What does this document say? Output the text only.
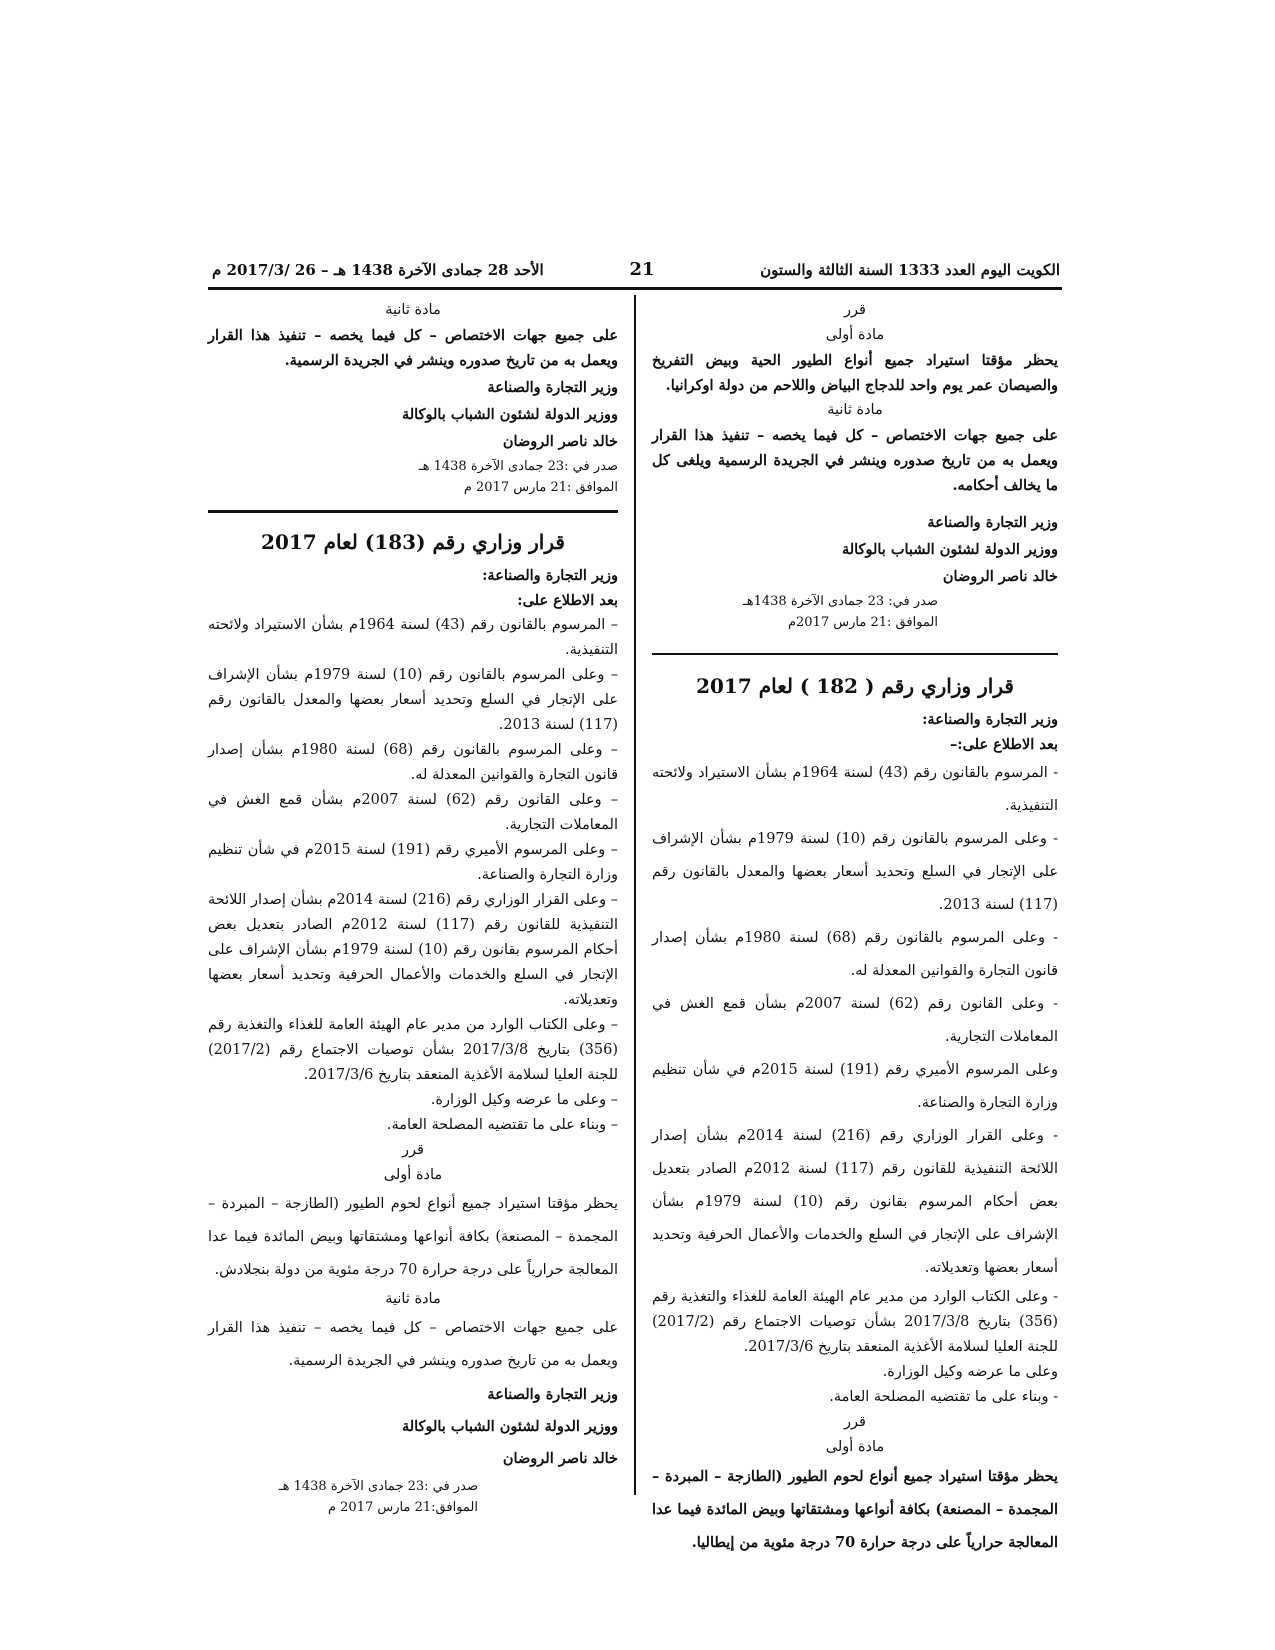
الكويت اليوم العدد 1333 السنة الثالثة والستون
21
الأحد 28 جمادى الآخرة 1438 هـ – 26 /2017/3 م

قرر

مادة أولى

يحظر مؤقتا استيراد جميع أنواع الطيور الحية وبيض التفريخ والصيصان عمر يوم واحد للدجاج البياض واللاحم من دولة اوكرانيا.

مادة ثانية

على جميع جهات الاختصاص – كل فيما يخصه – تنفيذ هذا القرار ويعمل به من تاريخ صدوره وينشر في الجريدة الرسمية ويلغى كل ما يخالف أحكامه.

وزير التجارة والصناعة

ووزير الدولة لشئون الشباب بالوكالة

خالد ناصر الروضان

صدر في: 23 جمادى الآخرة 1438هـ

الموافق :21 مارس 2017م

قرار وزاري رقم ( 182 ) لعام 2017

وزير التجارة والصناعة:

بعد الاطلاع على:–

- المرسوم بالقانون رقم (43) لسنة 1964م بشأن الاستيراد ولائحته التنفيذية.

- وعلى المرسوم بالقانون رقم (10) لسنة 1979م بشأن الإشراف على الإتجار في السلع وتحديد أسعار بعضها والمعدل بالقانون رقم (117) لسنة 2013.

- وعلى المرسوم بالقانون رقم (68) لسنة 1980م بشأن إصدار قانون التجارة والقوانين المعدلة له.

- وعلى القانون رقم (62) لسنة 2007م بشأن قمع الغش في المعاملات التجارية.

وعلى المرسوم الأميري رقم (191) لسنة 2015م في شأن تنظيم وزارة التجارة والصناعة.

- وعلى القرار الوزاري رقم (216) لسنة 2014م بشأن إصدار اللائحة التنفيذية للقانون رقم (117) لسنة 2012م الصادر بتعديل بعض أحكام المرسوم بقانون رقم (10) لسنة 1979م بشأن الإشراف على الإتجار في السلع والخدمات والأعمال الحرفية وتحديد أسعار بعضها وتعديلاته.

- وعلى الكتاب الوارد من مدير عام الهيئة العامة للغذاء والتغذية رقم (356) بتاريخ 2017/3/8 بشأن توصيات الاجتماع رقم (2017/2) للجنة العليا لسلامة الأغذية المنعقد بتاريخ 2017/3/6.

وعلى ما عرضه وكيل الوزارة.

- وبناء على ما تقتضيه المصلحة العامة.

قرر

مادة أولى

يحظر مؤقتا استيراد جميع أنواع لحوم الطيور (الطازجة – المبردة – المجمدة – المصنعة) بكافة أنواعها ومشتقاتها وبيض المائدة فيما عدا المعالجة حرارياً على درجة حرارة 70 درجة مئوية من إيطاليا.

مادة ثانية

على جميع جهات الاختصاص – كل فيما يخصه – تنفيذ هذا القرار ويعمل به من تاريخ صدوره وينشر في الجريدة الرسمية.

وزير التجارة والصناعة

ووزير الدولة لشئون الشباب بالوكالة

خالد ناصر الروضان

صدر في :23 جمادى الآخرة 1438 هـ

الموافق :21 مارس 2017 م

قرار وزاري رقم (183) لعام 2017

وزير التجارة والصناعة:

بعد الاطلاع على:

– المرسوم بالقانون رقم (43) لسنة 1964م بشأن الاستيراد ولائحته التنفيذية.

– وعلى المرسوم بالقانون رقم (10) لسنة 1979م بشأن الإشراف على الإتجار في السلع وتحديد أسعار بعضها والمعدل بالقانون رقم (117) لسنة 2013.

– وعلى المرسوم بالقانون رقم (68) لسنة 1980م بشأن إصدار قانون التجارة والقوانين المعدلة له.

– وعلى القانون رقم (62) لسنة 2007م بشأن قمع الغش في المعاملات التجارية.

– وعلى المرسوم الأميري رقم (191) لسنة 2015م في شأن تنظيم وزارة التجارة والصناعة.

– وعلى القرار الوزاري رقم (216) لسنة 2014م بشأن إصدار اللائحة التنفيذية للقانون رقم (117) لسنة 2012م الصادر بتعديل بعض أحكام المرسوم بقانون رقم (10) لسنة 1979م بشأن الإشراف على الإتجار في السلع والخدمات والأعمال الحرفية وتحديد أسعار بعضها وتعديلاته.

– وعلى الكتاب الوارد من مدير عام الهيئة العامة للغذاء والتغذية رقم (356) بتاريخ 2017/3/8 بشأن توصيات الاجتماع رقم (2017/2) للجنة العليا لسلامة الأغذية المنعقد بتاريخ 2017/3/6.

– وعلى ما عرضه وكيل الوزارة.

– وبناء على ما تقتضيه المصلحة العامة.

قرر

مادة أولى

يحظر مؤقتا استيراد جميع أنواع لحوم الطيور (الطازجة – المبردة – المجمدة – المصنعة) بكافة أنواعها ومشتقاتها وبيض المائدة فيما عدا المعالجة حرارياً على درجة حرارة 70 درجة مئوية من دولة بنجلادش.

مادة ثانية

على جميع جهات الاختصاص – كل فيما يخصه – تنفيذ هذا القرار ويعمل به من تاريخ صدوره وينشر في الجريدة الرسمية.

وزير التجارة والصناعة

ووزير الدولة لشئون الشباب بالوكالة

خالد ناصر الروضان

صدر في :23 جمادى الآخرة 1438 هـ

الموافق:21 مارس 2017 م
